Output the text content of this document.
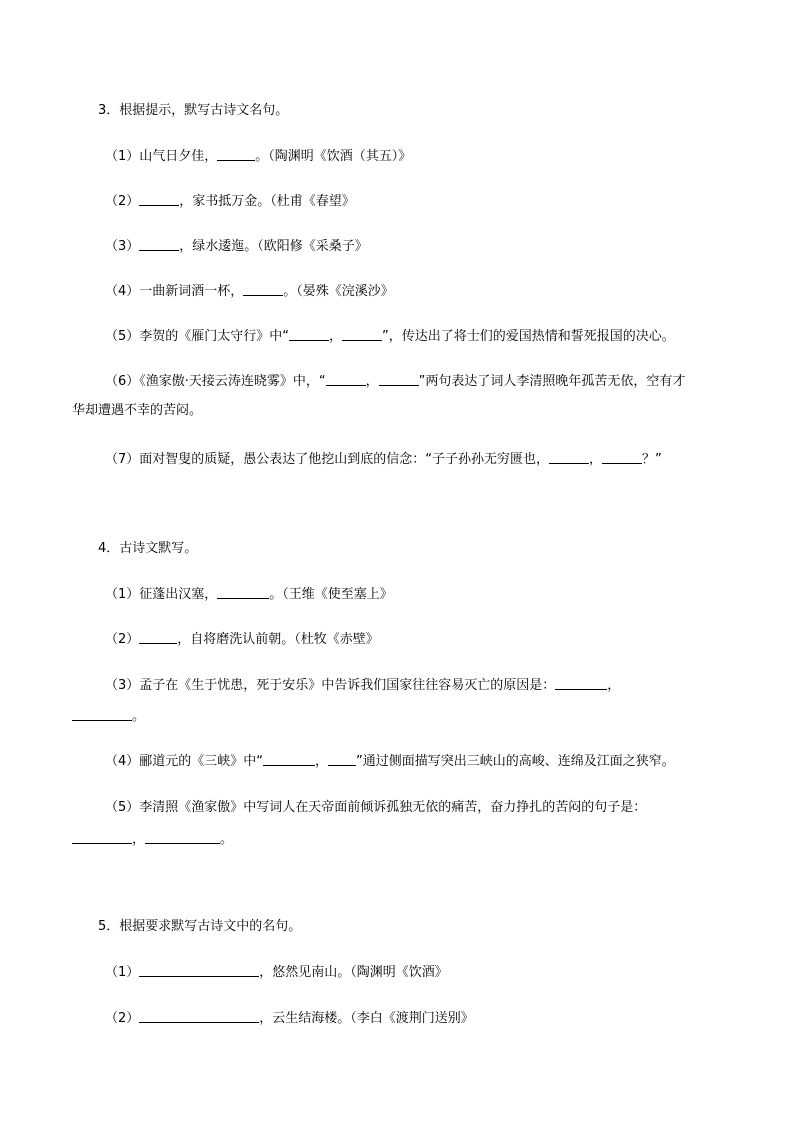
3．根据提示，默写古诗文名句。
（1）山气日夕佳，	。（陶渊明《饮酒（其五）》
（2）	，家书抵万金。（杜甫《春望》
（3）	，绿水逶迤。（欧阳修《采桑子》
（4）一曲新词酒一杯，	。（晏殊《浣溪沙》
（5）李贺的《雁门太守行》中“	，	”，传达出了将士们的爱国热情和誓死报国的决心。
（6）《渔家傲·天接云涛连晓雾》中，“	，	”两句表达了词人李清照晚年孤苦无依，空有才
华却遭遇不幸的苦闷。
（7）面对智叟的质疑，愚公表达了他挖山到底的信念：“子子孙孙无穷匮也，	，	？”
4．古诗文默写。
（1）征蓬出汉塞，	。（王维《使至塞上》
（2）	，自将磨洗认前朝。（杜牧《赤壁》
（3）孟子在《生于忧患，死于安乐》中告诉我们国家往往容易灭亡的原因是：	，
。
（4）郦道元的《三峡》中“	， ”通过侧面描写突出三峡山的高峻、连绵及江面之狭窄。
（5）李清照《渔家傲》中写词人在天帝面前倾诉孤独无依的痛苦，奋力挣扎的苦闷的句子是：
，	。
5．根据要求默写古诗文中的名句。
（1）	，悠然见南山。（陶渊明《饮酒》
（2）	，云生结海楼。（李白《渡荆门送别》
